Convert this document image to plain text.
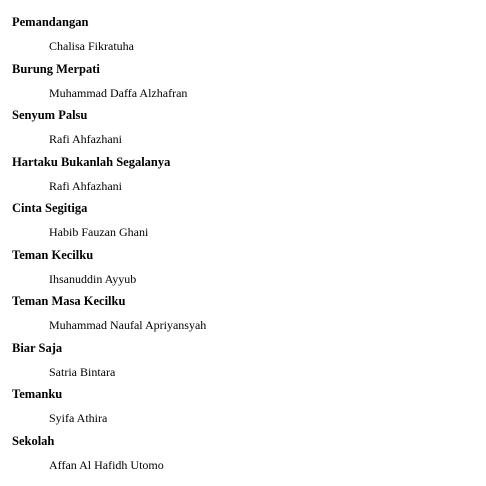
Pemandangan
Chalisa Fikratuha
Burung Merpati
Muhammad Daffa Alzhafran
Senyum Palsu
Rafi Ahfazhani
Hartaku Bukanlah Segalanya
Rafi Ahfazhani
Cinta Segitiga
Habib Fauzan Ghani
Teman Kecilku
Ihsanuddin Ayyub
Teman Masa Kecilku
Muhammad Naufal Apriyansyah
Biar Saja
Satria Bintara
Temanku
Syifa Athira
Sekolah
Affan Al Hafidh Utomo
